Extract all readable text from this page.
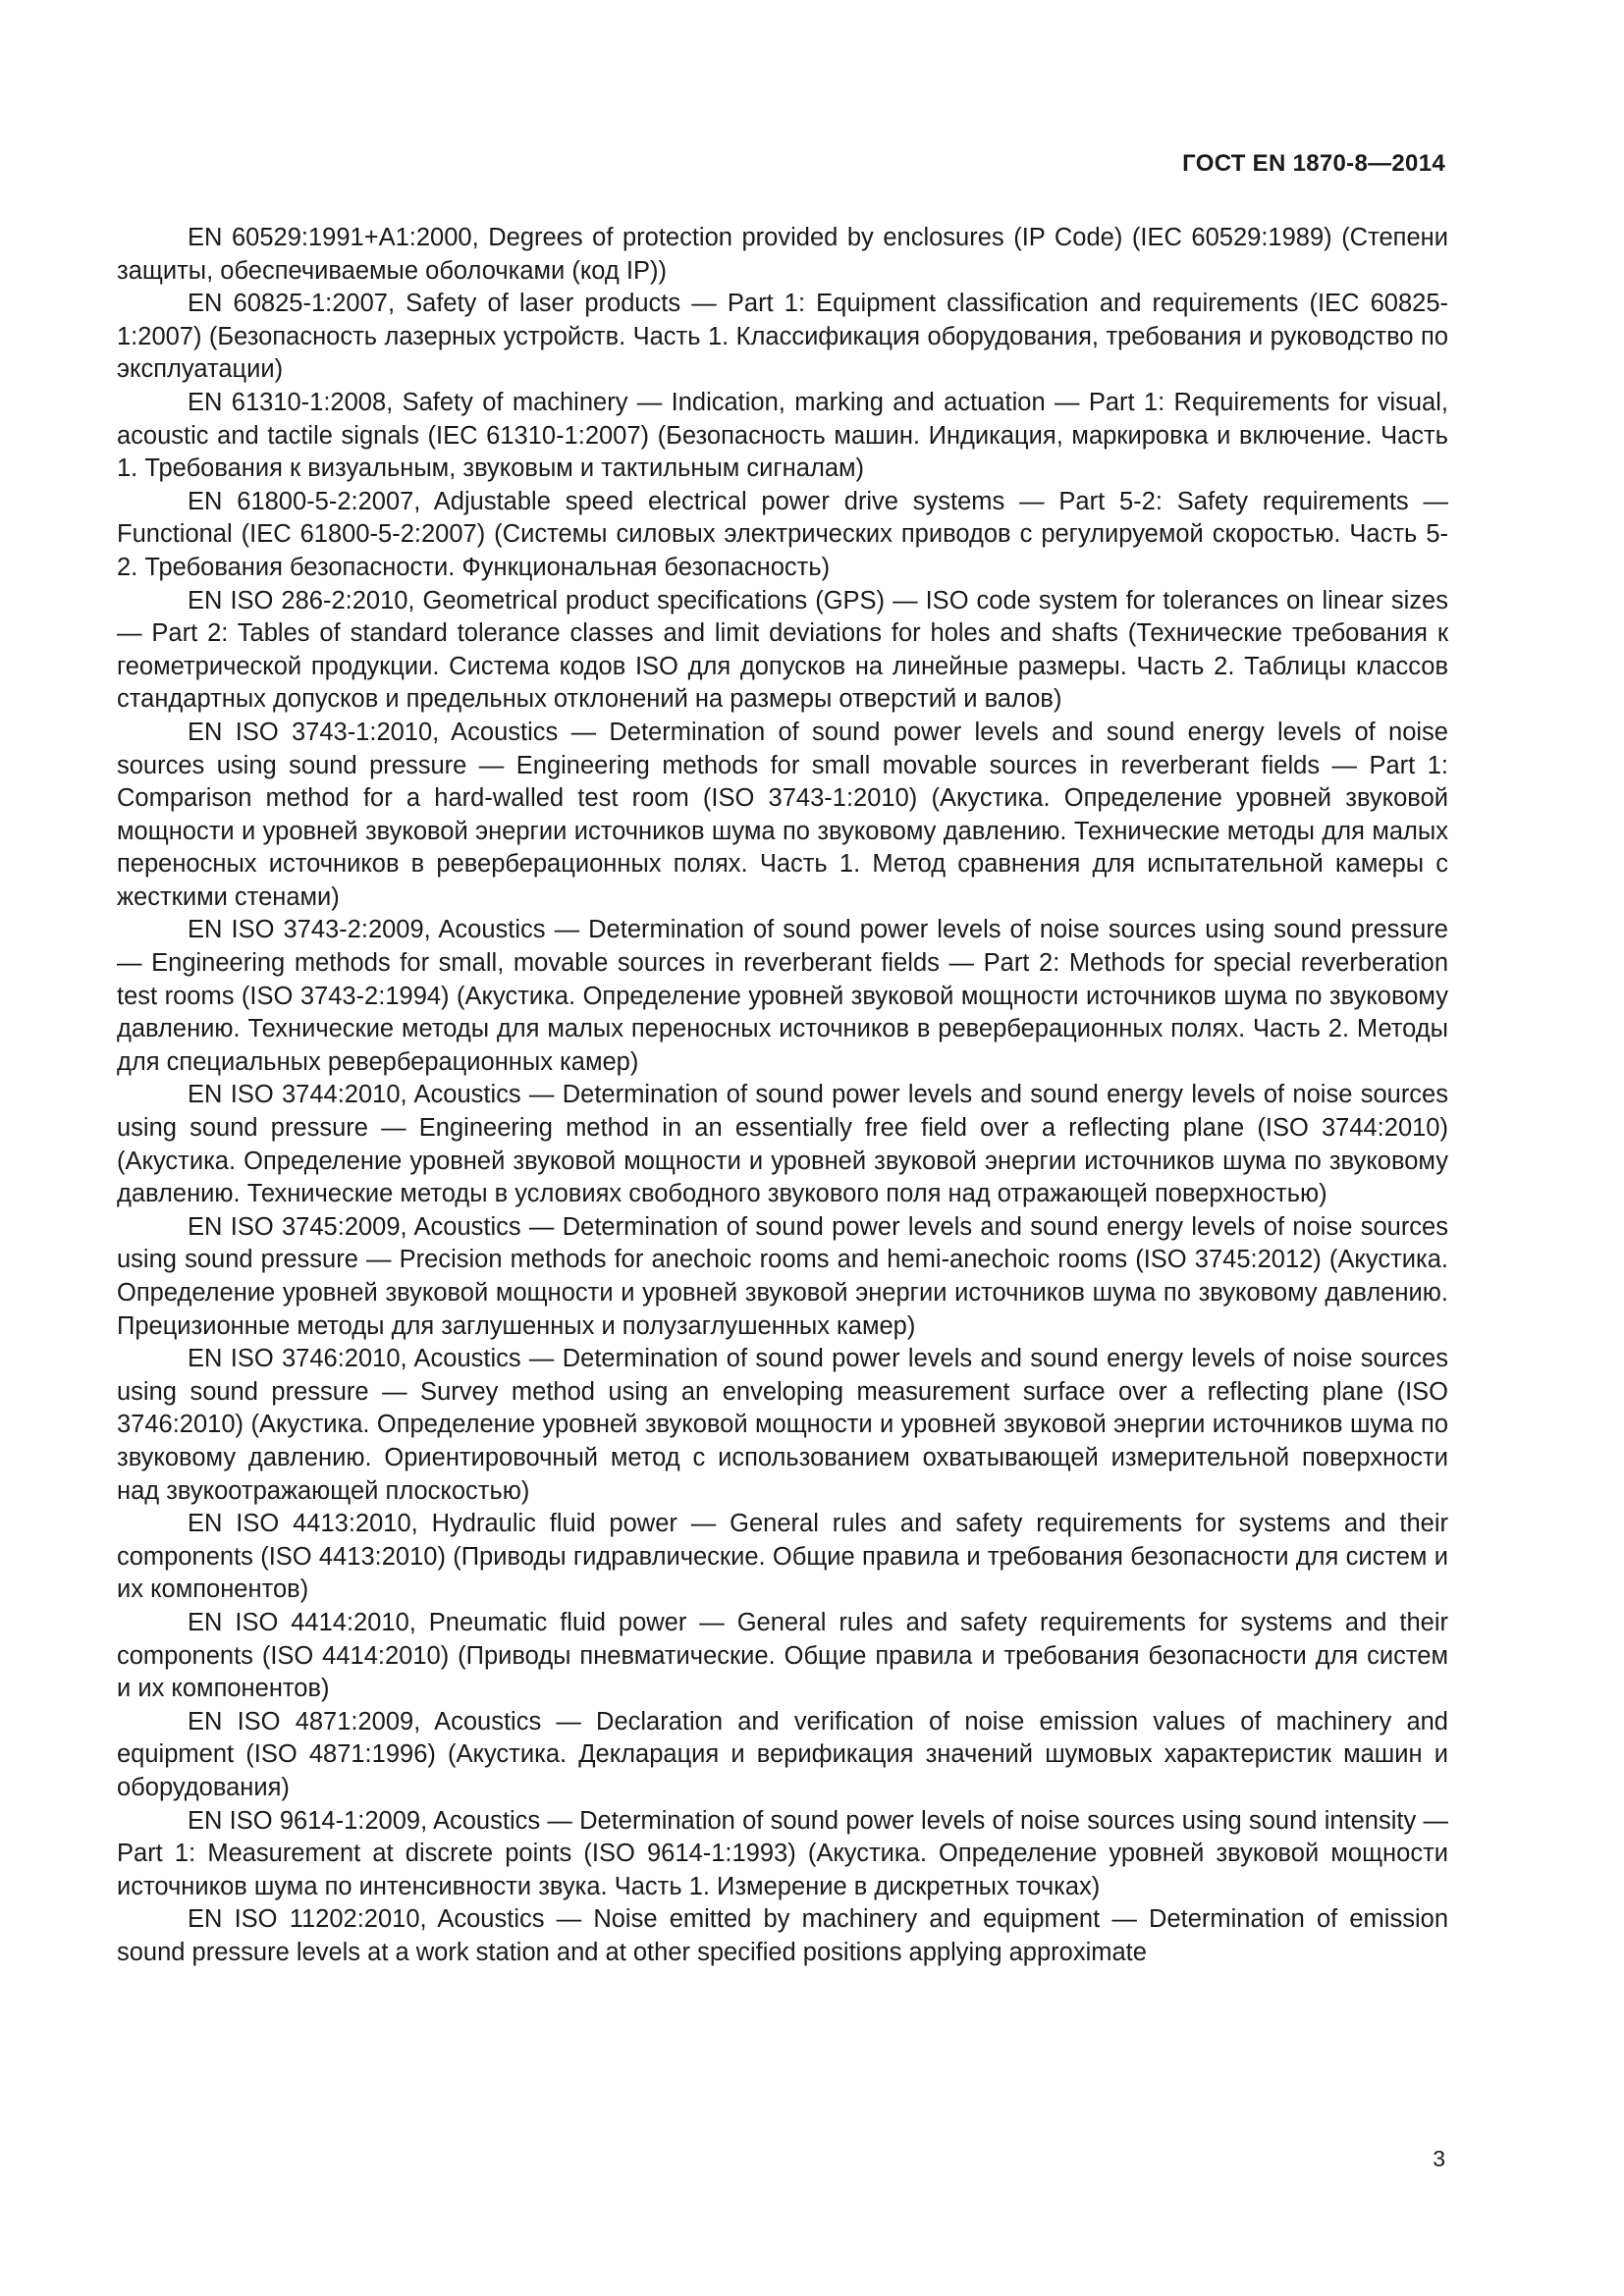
ГОСТ EN 1870-8—2014

EN 60529:1991+A1:2000, Degrees of protection provided by enclosures (IP Code) (IEC 60529:1989) (Степени защиты, обеспечиваемые оболочками (код IP))

EN 60825-1:2007, Safety of laser products — Part 1: Equipment classification and requirements (IEC 60825-1:2007) (Безопасность лазерных устройств. Часть 1. Классификация оборудования, требования и руководство по эксплуатации)

EN 61310-1:2008, Safety of machinery — Indication, marking and actuation — Part 1: Requirements for visual, acoustic and tactile signals (IEC 61310-1:2007) (Безопасность машин. Индикация, маркировка и включение. Часть 1. Требования к визуальным, звуковым и тактильным сигналам)

EN 61800-5-2:2007, Adjustable speed electrical power drive systems — Part 5-2: Safety requirements — Functional (IEC 61800-5-2:2007) (Системы силовых электрических приводов с регулируемой скоростью. Часть 5-2. Требования безопасности. Функциональная безопасность)

EN ISO 286-2:2010, Geometrical product specifications (GPS) — ISO code system for tolerances on linear sizes — Part 2: Tables of standard tolerance classes and limit deviations for holes and shafts (Технические требования к геометрической продукции. Система кодов ISO для допусков на линейные размеры. Часть 2. Таблицы классов стандартных допусков и предельных отклонений на размеры отверстий и валов)

EN ISO 3743-1:2010, Acoustics — Determination of sound power levels and sound energy levels of noise sources using sound pressure — Engineering methods for small movable sources in reverberant fields — Part 1: Comparison method for a hard-walled test room (ISO 3743-1:2010) (Акустика. Определение уровней звуковой мощности и уровней звуковой энергии источников шума по звуковому давлению. Технические методы для малых переносных источников в реверберационных полях. Часть 1. Метод сравнения для испытательной камеры с жесткими стенами)

EN ISO 3743-2:2009, Acoustics — Determination of sound power levels of noise sources using sound pressure — Engineering methods for small, movable sources in reverberant fields — Part 2: Methods for special reverberation test rooms (ISO 3743-2:1994) (Акустика. Определение уровней звуковой мощности источников шума по звуковому давлению. Технические методы для малых переносных источников в реверберационных полях. Часть 2. Методы для специальных реверберационных камер)

EN ISO 3744:2010, Acoustics — Determination of sound power levels and sound energy levels of noise sources using sound pressure — Engineering method in an essentially free field over a reflecting plane (ISO 3744:2010) (Акустика. Определение уровней звуковой мощности и уровней звуковой энергии источников шума по звуковому давлению. Технические методы в условиях свободного звукового поля над отражающей поверхностью)

EN ISO 3745:2009, Acoustics — Determination of sound power levels and sound energy levels of noise sources using sound pressure — Precision methods for anechoic rooms and hemi-anechoic rooms (ISO 3745:2012) (Акустика. Определение уровней звуковой мощности и уровней звуковой энергии источников шума по звуковому давлению. Прецизионные методы для заглушенных и полузаглушенных камер)

EN ISO 3746:2010, Acoustics — Determination of sound power levels and sound energy levels of noise sources using sound pressure — Survey method using an enveloping measurement surface over a reflecting plane (ISO 3746:2010) (Акустика. Определение уровней звуковой мощности и уровней звуковой энергии источников шума по звуковому давлению. Ориентировочный метод с использованием охватывающей измерительной поверхности над звукоотражающей плоскостью)

EN ISO 4413:2010, Hydraulic fluid power — General rules and safety requirements for systems and their components (ISO 4413:2010) (Приводы гидравлические. Общие правила и требования безопасности для систем и их компонентов)

EN ISO 4414:2010, Pneumatic fluid power — General rules and safety requirements for systems and their components (ISO 4414:2010) (Приводы пневматические. Общие правила и требования безопасности для систем и их компонентов)

EN ISO 4871:2009, Acoustics — Declaration and verification of noise emission values of machinery and equipment (ISO 4871:1996) (Акустика. Декларация и верификация значений шумовых характеристик машин и оборудования)

EN ISO 9614-1:2009, Acoustics — Determination of sound power levels of noise sources using sound intensity — Part 1: Measurement at discrete points (ISO 9614-1:1993) (Акустика. Определение уровней звуковой мощности источников шума по интенсивности звука. Часть 1. Измерение в дискретных точках)

EN ISO 11202:2010, Acoustics — Noise emitted by machinery and equipment — Determination of emission sound pressure levels at a work station and at other specified positions applying approximate

3
